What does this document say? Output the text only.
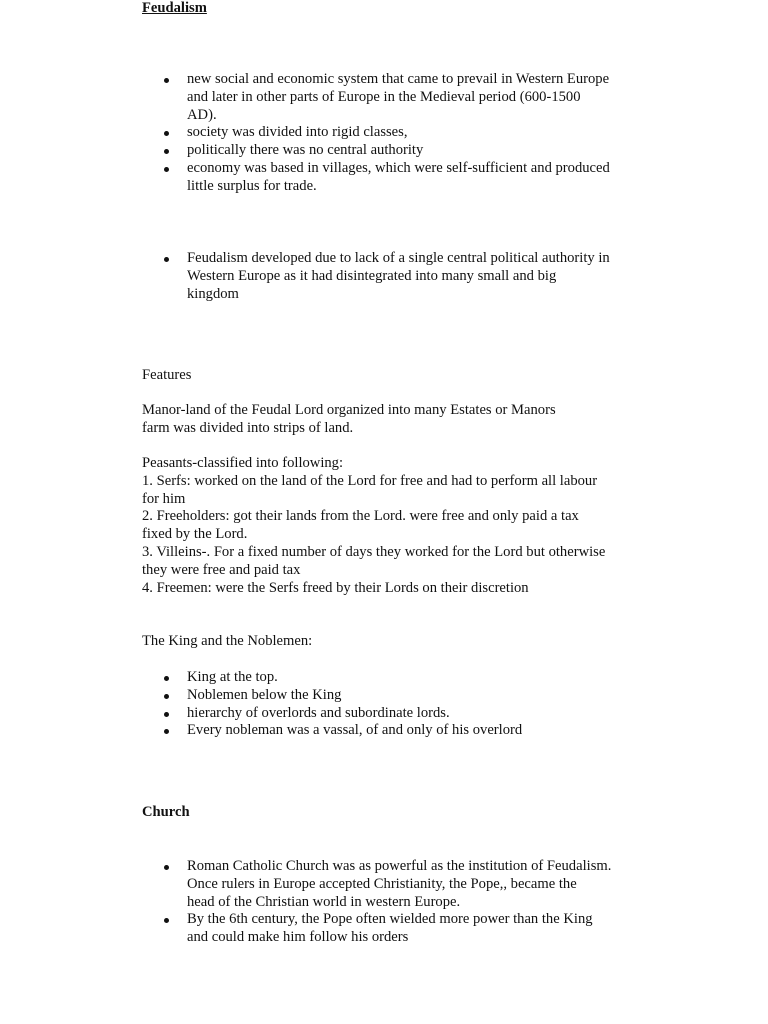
Feudalism
new social and economic system that came to prevail in Western Europe
and later in other parts of Europe in the Medieval period (600-1500
AD).
society was divided into rigid classes,
politically there was no central authority
economy was based in villages, which were self-sufficient and produced
little surplus for trade.
Feudalism developed due to lack of a single central political authority in
Western Europe as it had disintegrated into many small and big
kingdom
Features
Manor-land of the Feudal Lord organized into many Estates or Manors
farm was divided into strips of land.
Peasants-classified into following:
1. Serfs: worked on the land of the Lord for free and had to perform all labour
for him
2. Freeholders: got their lands from the Lord. were free and only paid a tax
fixed by the Lord.
3. Villeins-. For a fixed number of days they worked for the Lord but otherwise
they were free and paid tax
4. Freemen: were the Serfs freed by their Lords on their discretion
The King and the Noblemen:
King at the top.
Noblemen below the King
hierarchy of overlords and subordinate lords.
Every nobleman was a vassal, of and only of his overlord
Church
Roman Catholic Church was as powerful as the institution of Feudalism.
Once rulers in Europe accepted Christianity, the Pope,, became the
head of the Christian world in western Europe.
By the 6th century, the Pope often wielded more power than the King
and could make him follow his orders
